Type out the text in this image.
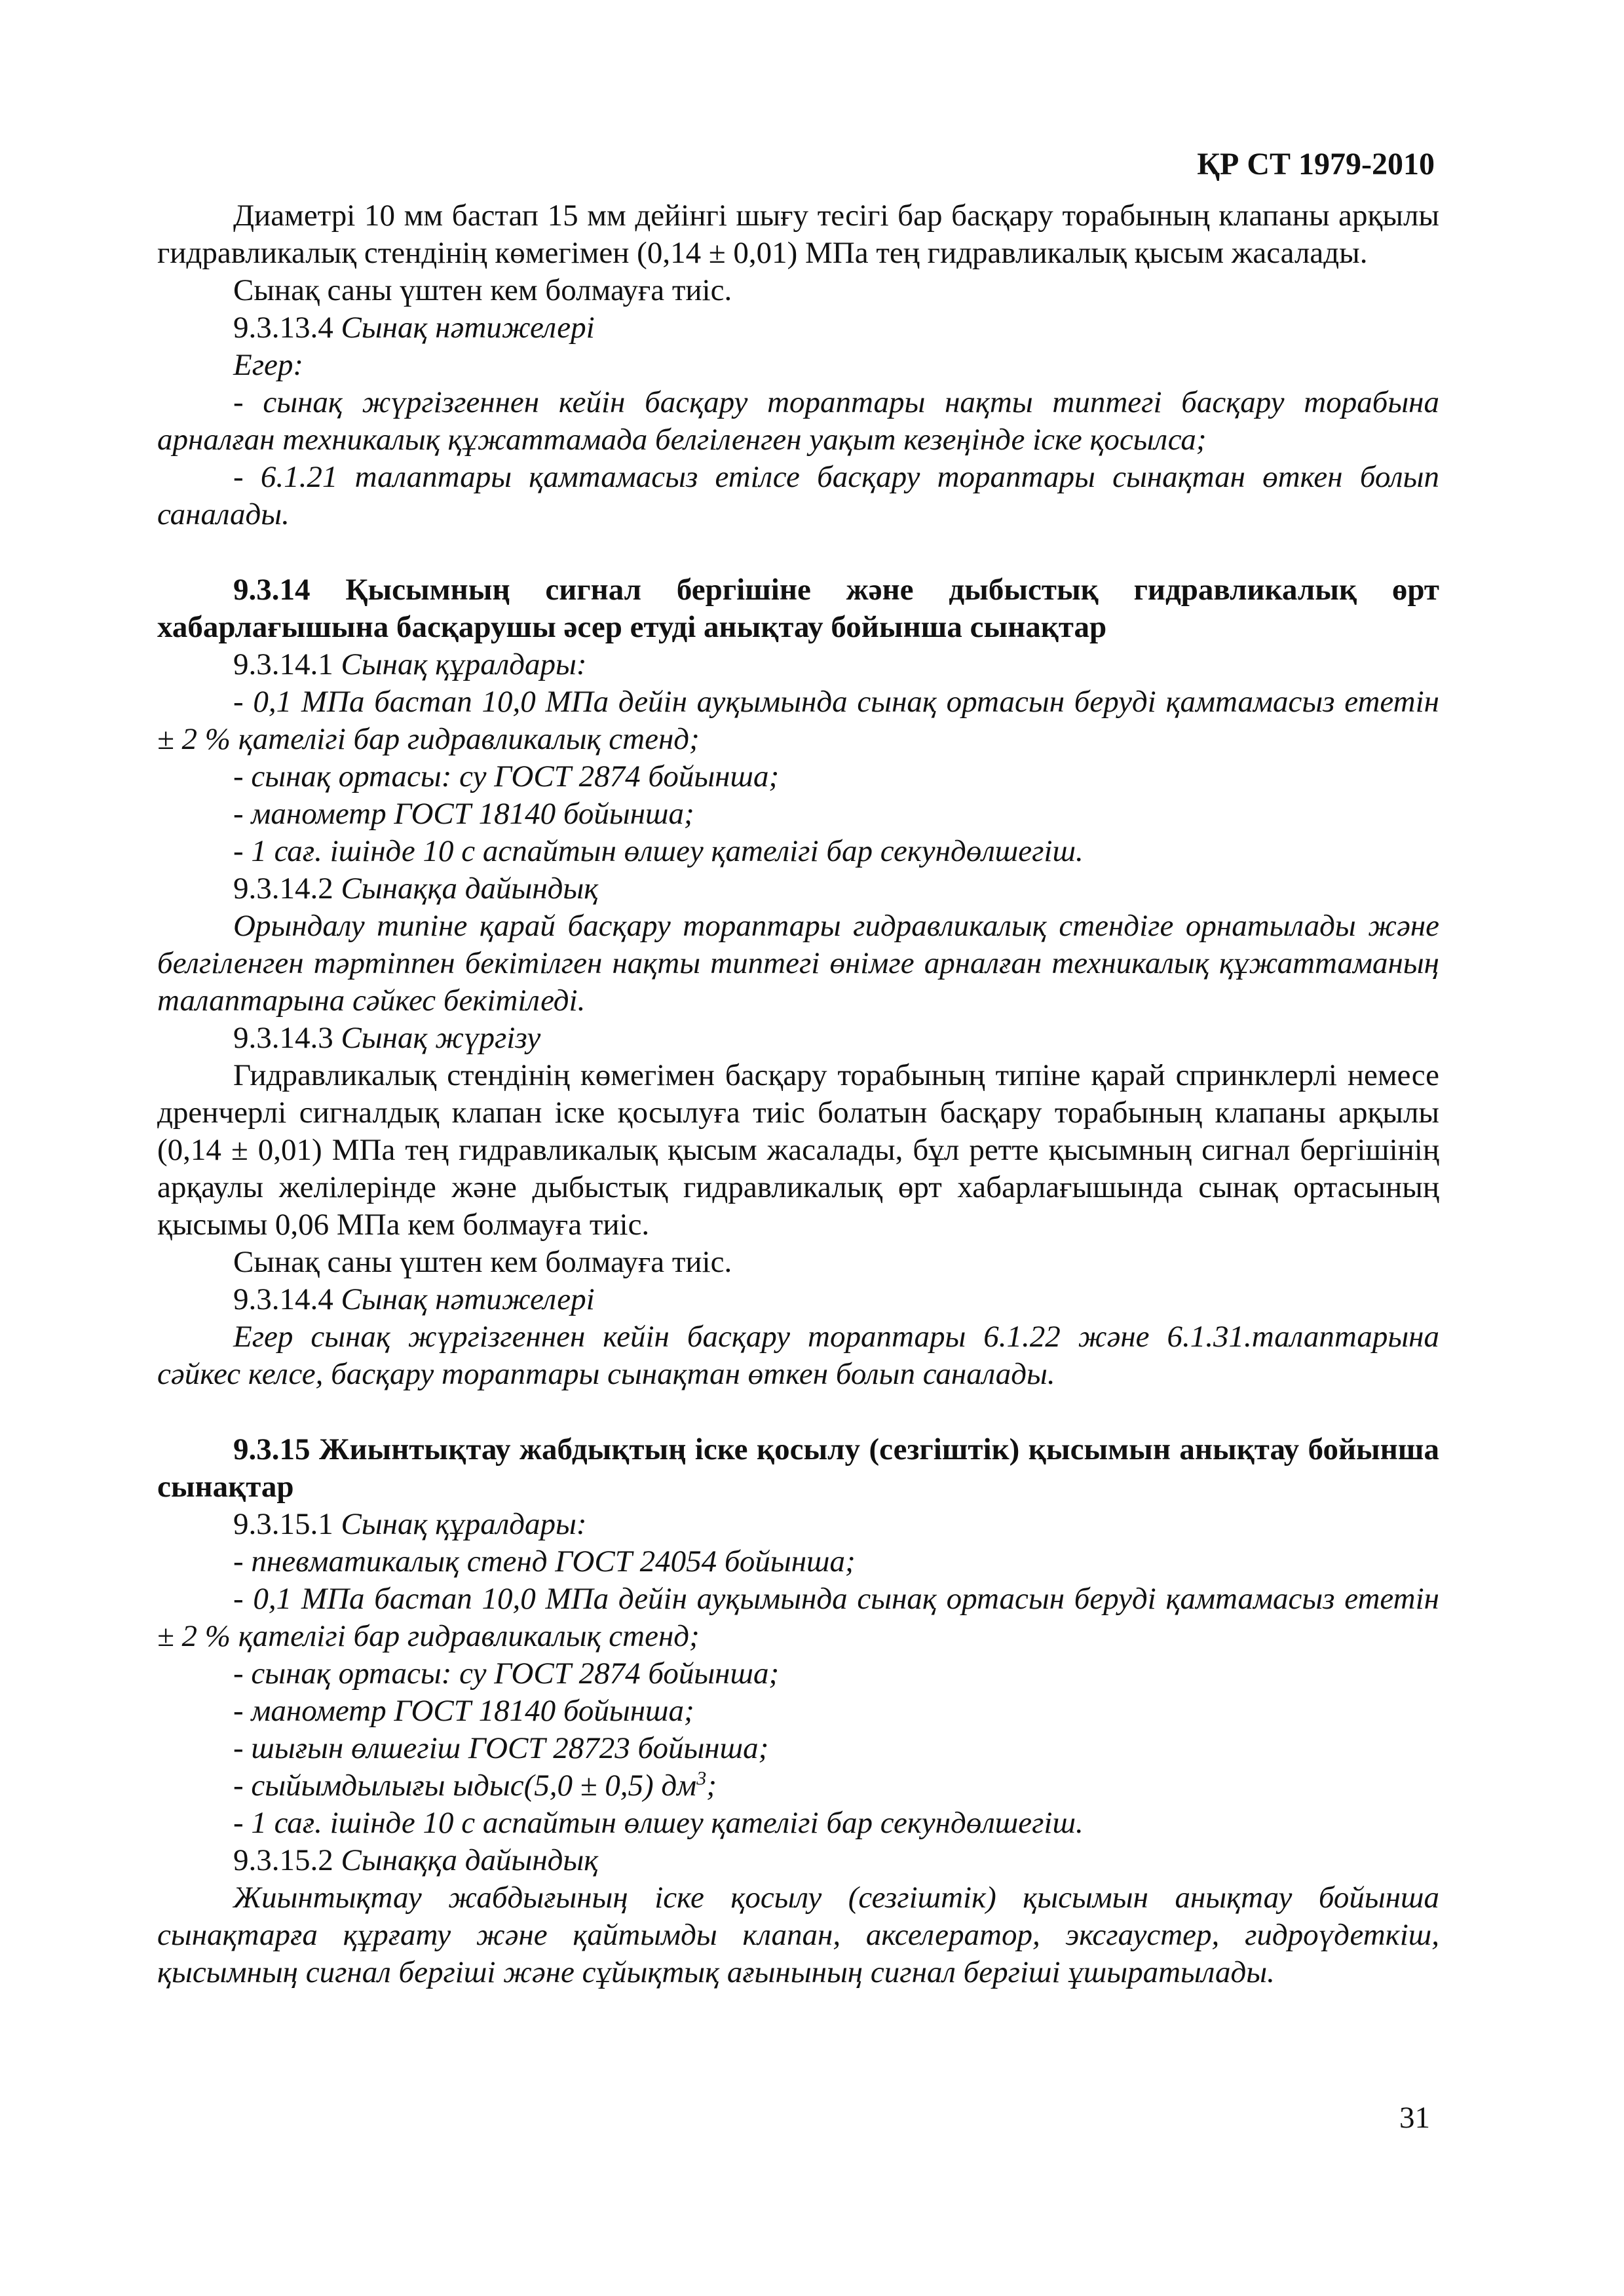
ҚР СТ 1979-2010

Диаметрі 10 мм бастап 15 мм дейінгі шығу тесігі бар басқару торабының клапаны арқылы гидравликалық стендінің көмегімен (0,14 ± 0,01) МПа тең гидравликалық қысым жасалады.

Сынақ саны үштен кем болмауға тиіс.

9.3.13.4 Сынақ нәтижелері

Егер:

- сынақ жүргізгеннен кейін басқару тораптары нақты типтегі басқару торабына арналған техникалық құжаттамада белгіленген уақыт кезеңінде іске қосылса;

- 6.1.21 талаптары қамтамасыз етілсе басқару тораптары сынақтан өткен болып саналады.

9.3.14 Қысымның сигнал бергішіне және дыбыстық гидравликалық өрт хабарлағышына басқарушы әсер етуді анықтау бойынша сынақтар

9.3.14.1 Сынақ құралдары:

- 0,1 МПа бастап 10,0 МПа дейін ауқымында сынақ ортасын беруді қамтамасыз ететін ± 2 % қателігі бар гидравликалық стенд;

- сынақ ортасы: су ГОСТ 2874 бойынша;

- манометр ГОСТ 18140 бойынша;

- 1 сағ. ішінде 10 с аспайтын өлшеу қателігі бар секундөлшегіш.

9.3.14.2 Сынаққа дайындық

Орындалу типіне қарай басқару тораптары гидравликалық стендіге орнатылады және белгіленген тәртіппен бекітілген нақты типтегі өнімге арналған техникалық құжаттаманың талаптарына сәйкес бекітіледі.

9.3.14.3 Сынақ жүргізу

Гидравликалық стендінің көмегімен басқару торабының типіне қарай спринклерлі немесе дренчерлі сигналдық клапан іске қосылуға тиіс болатын басқару торабының клапаны арқылы (0,14 ± 0,01) МПа тең гидравликалық қысым жасалады, бұл ретте қысымның сигнал бергішінің арқаулы желілерінде және дыбыстық гидравликалық өрт хабарлағышында сынақ ортасының қысымы 0,06 МПа кем болмауға тиіс.

Сынақ саны үштен кем болмауға тиіс.

9.3.14.4 Сынақ нәтижелері

Егер сынақ жүргізгеннен кейін басқару тораптары 6.1.22 және 6.1.31.талаптарына сәйкес келсе, басқару тораптары сынақтан өткен болып саналады.

9.3.15 Жиынтықтау жабдықтың іске қосылу (сезгіштік) қысымын анықтау бойынша сынақтар

9.3.15.1 Сынақ құралдары:

- пневматикалық стенд ГОСТ 24054 бойынша;

- 0,1 МПа бастап 10,0 МПа дейін ауқымында сынақ ортасын беруді қамтамасыз ететін ± 2 % қателігі бар гидравликалық стенд;

- сынақ ортасы: су ГОСТ 2874 бойынша;

- манометр ГОСТ 18140 бойынша;

- шығын өлшегіш ГОСТ 28723 бойынша;

- сыйымдылығы ыдыс(5,0 ± 0,5) $дм^3$;

- 1 сағ. ішінде 10 с аспайтын өлшеу қателігі бар секундөлшегіш.

9.3.15.2 Сынаққа дайындық

Жиынтықтау жабдығының іске қосылу (сезгіштік) қысымын анықтау бойынша сынақтарға құрғату және қайтымды клапан, акселератор, эксгаустер, гидроүдеткіш, қысымның сигнал бергіші және сұйықтық ағынының сигнал бергіші ұшыратылады.

31
